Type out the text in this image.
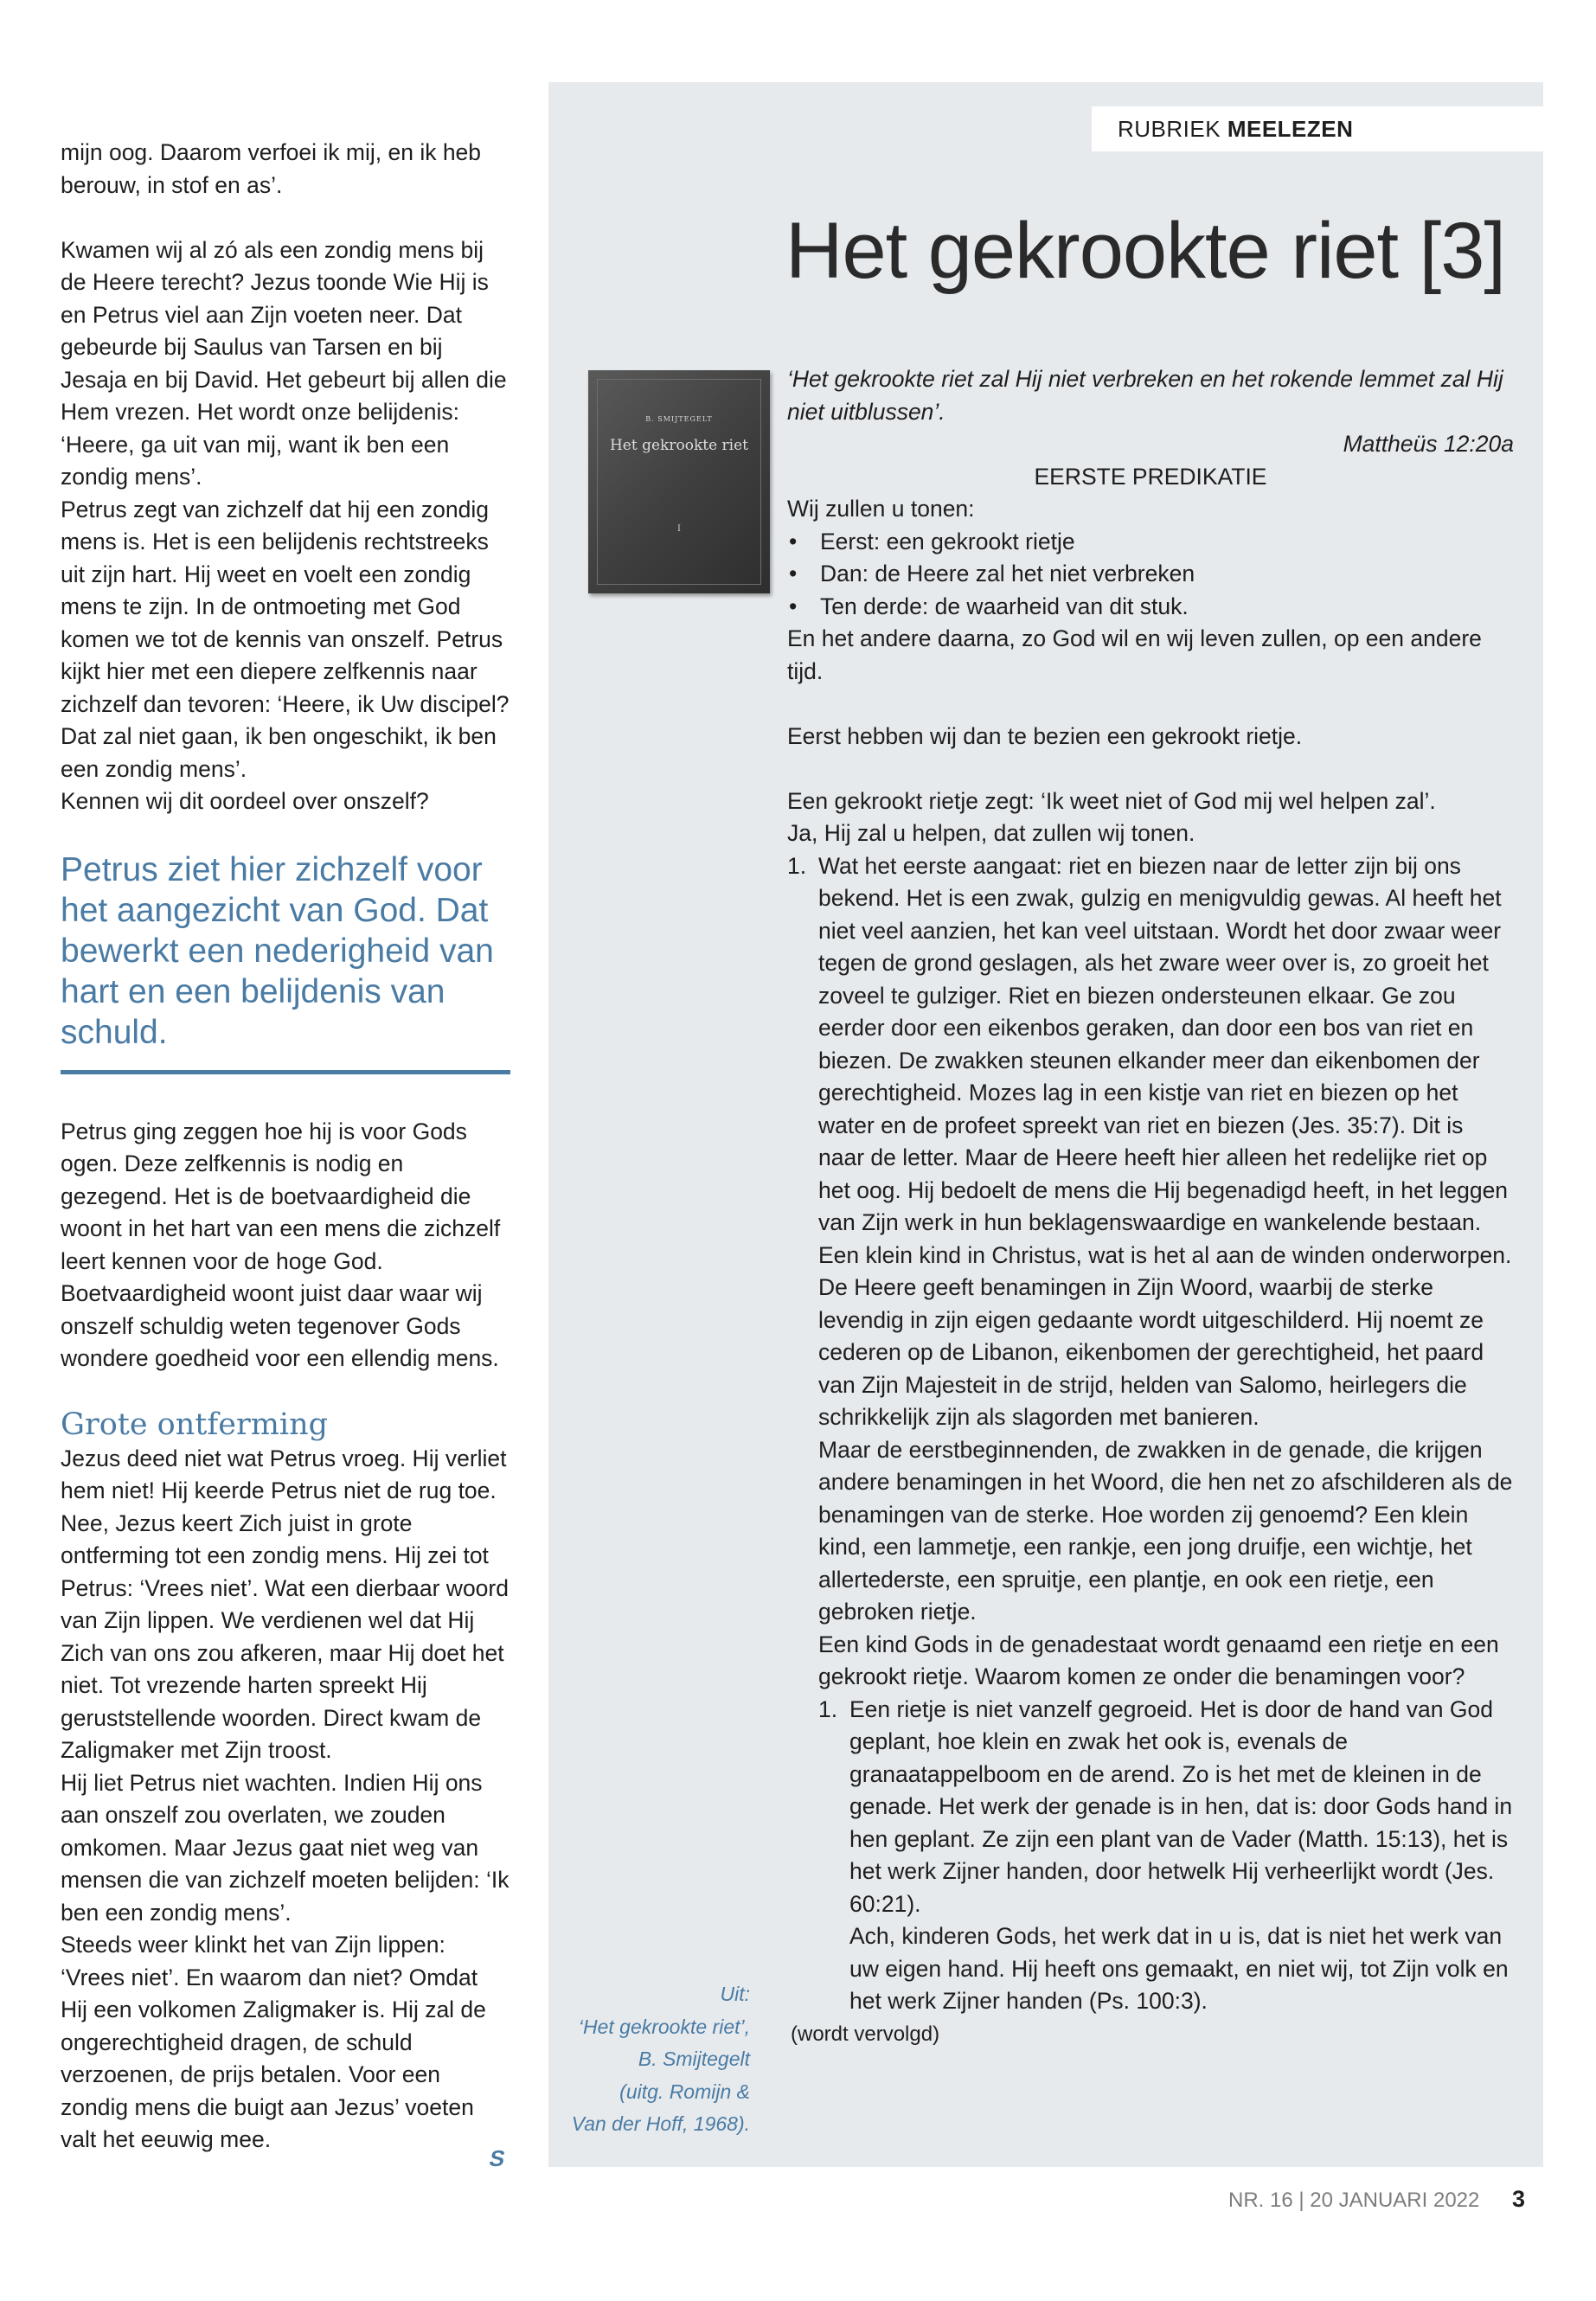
mijn oog. Daarom verfoei ik mij, en ik heb berouw, in stof en as’.

Kwamen wij al zó als een zondig mens bij de Heere terecht? Jezus toonde Wie Hij is en Petrus viel aan Zijn voeten neer. Dat gebeurde bij Saulus van Tarsen en bij Jesaja en bij David. Het gebeurt bij allen die Hem vrezen. Het wordt onze belijdenis: ‘Heere, ga uit van mij, want ik ben een zondig mens’.

Petrus zegt van zichzelf dat hij een zondig mens is. Het is een belijdenis rechtstreeks uit zijn hart. Hij weet en voelt een zondig mens te zijn. In de ontmoeting met God komen we tot de kennis van onszelf. Petrus kijkt hier met een diepere zelfkennis naar zichzelf dan tevoren: ‘Heere, ik Uw discipel? Dat zal niet gaan, ik ben ongeschikt, ik ben een zondig mens’.

Kennen wij dit oordeel over onszelf?

Petrus ziet hier zichzelf voor het aangezicht van God. Dat bewerkt een nederigheid van hart en een belijdenis van schuld.

Petrus ging zeggen hoe hij is voor Gods ogen. Deze zelfkennis is nodig en gezegend. Het is de boetvaardigheid die woont in het hart van een mens die zichzelf leert kennen voor de hoge God. Boetvaardigheid woont juist daar waar wij onszelf schuldig weten tegenover Gods wondere goedheid voor een ellendig mens.

Grote ontferming

Jezus deed niet wat Petrus vroeg. Hij verliet hem niet! Hij keerde Petrus niet de rug toe. Nee, Jezus keert Zich juist in grote ontferming tot een zondig mens. Hij zei tot Petrus: ‘Vrees niet’. Wat een dierbaar woord van Zijn lippen. We verdienen wel dat Hij Zich van ons zou afkeren, maar Hij doet het niet. Tot vrezende harten spreekt Hij geruststellende woorden. Direct kwam de Zaligmaker met Zijn troost.

Hij liet Petrus niet wachten. Indien Hij ons aan onszelf zou overlaten, we zouden omkomen. Maar Jezus gaat niet weg van mensen die van zichzelf moeten belijden: ‘Ik ben een zondig mens’.

Steeds weer klinkt het van Zijn lippen: ‘Vrees niet’. En waarom dan niet? Omdat Hij een volkomen Zaligmaker is. Hij zal de ongerechtigheid dragen, de schuld verzoenen, de prijs betalen. Voor een zondig mens die buigt aan Jezus’ voeten valt het eeuwig mee.

S
RUBRIEK MEELEZEN
Het gekrookte riet [3]
B. SMIJTEGELT
Het gekrookte riet
I
Uit:
‘Het gekrookte riet’,
B. Smijtegelt
(uitg. Romijn &
Van der Hoff, 1968).

‘Het gekrookte riet zal Hij niet verbreken en het rokende lemmet zal Hij niet uitblussen’.

Mattheüs 12:20a

EERSTE PREDIKATIE

Wij zullen u tonen:

• Eerst: een gekrookt rietje
• Dan: de Heere zal het niet verbreken
• Ten derde: de waarheid van dit stuk.

En het andere daarna, zo God wil en wij leven zullen, op een andere tijd.

Eerst hebben wij dan te bezien een gekrookt rietje.

Een gekrookt rietje zegt: ‘Ik weet niet of God mij wel helpen zal’.

Ja, Hij zal u helpen, dat zullen wij tonen.

1. Wat het eerste aangaat: riet en biezen naar de letter zijn bij ons bekend. Het is een zwak, gulzig en menigvuldig gewas. Al heeft het niet veel aanzien, het kan veel uitstaan. Wordt het door zwaar weer tegen de grond geslagen, als het zware weer over is, zo groeit het zoveel te gulziger. Riet en biezen ondersteunen elkaar. Ge zou eerder door een eikenbos geraken, dan door een bos van riet en biezen. De zwakken steunen elkander meer dan eikenbomen der gerechtigheid. Mozes lag in een kistje van riet en biezen op het water en de profeet spreekt van riet en biezen (Jes. 35:7). Dit is naar de letter. Maar de Heere heeft hier alleen het redelijke riet op het oog. Hij bedoelt de mens die Hij begenadigd heeft, in het leggen van Zijn werk in hun beklagenswaardige en wankelende bestaan. Een klein kind in Christus, wat is het al aan de winden onderworpen. De Heere geeft benamingen in Zijn Woord, waarbij de sterke levendig in zijn eigen gedaante wordt uitgeschilderd. Hij noemt ze cederen op de Libanon, eikenbomen der gerechtigheid, het paard van Zijn Majesteit in de strijd, helden van Salomo, heirlegers die schrikkelijk zijn als slagorden met banieren.

Maar de eerstbeginnenden, de zwakken in de genade, die krijgen andere benamingen in het Woord, die hen net zo afschilderen als de benamingen van de sterke. Hoe worden zij genoemd? Een klein kind, een lammetje, een rankje, een jong druifje, een wichtje, het allertederste, een spruitje, een plantje, en ook een rietje, een gebroken rietje.

Een kind Gods in de genadestaat wordt genaamd een rietje en een gekrookt rietje. Waarom komen ze onder die benamingen voor?

1. Een rietje is niet vanzelf gegroeid. Het is door de hand van God geplant, hoe klein en zwak het ook is, evenals de granaatappelboom en de arend. Zo is het met de kleinen in de genade. Het werk der genade is in hen, dat is: door Gods hand in hen geplant. Ze zijn een plant van de Vader (Matth. 15:13), het is het werk Zijner handen, door hetwelk Hij verheerlijkt wordt (Jes. 60:21).

Ach, kinderen Gods, het werk dat in u is, dat is niet het werk van uw eigen hand. Hij heeft ons gemaakt, en niet wij, tot Zijn volk en het werk Zijner handen (Ps. 100:3).

(wordt vervolgd)

NR. 16 | 20 JANUARI 2022 3
